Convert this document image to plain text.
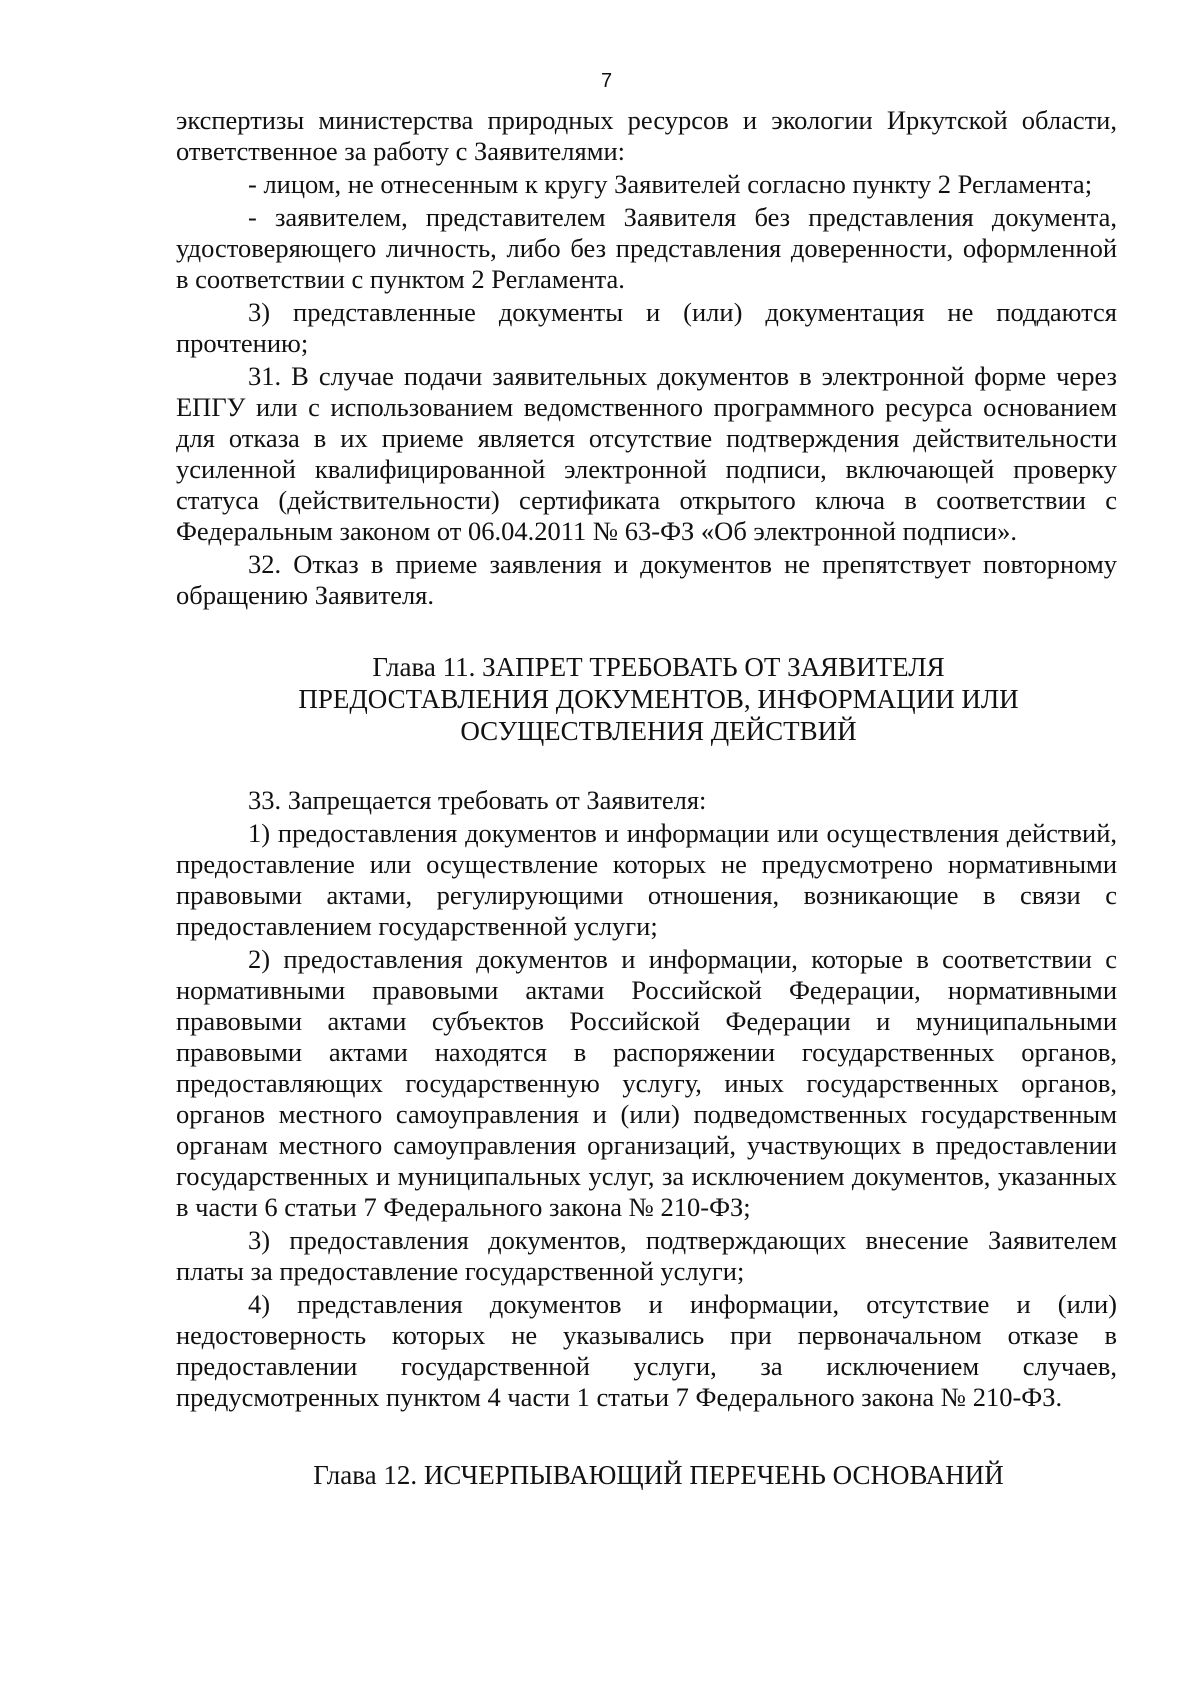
7

экспертизы министерства природных ресурсов и экологии Иркутской области, ответственное за работу с Заявителями:

- лицом, не отнесенным к кругу Заявителей согласно пункту 2 Регламента;

- заявителем, представителем Заявителя без представления документа, удостоверяющего личность, либо без представления доверенности, оформленной в соответствии с пунктом 2 Регламента.

3) представленные документы и (или) документация не поддаются прочтению;

31. В случае подачи заявительных документов в электронной форме через ЕПГУ или с использованием ведомственного программного ресурса основанием для отказа в их приеме является отсутствие подтверждения действительности усиленной квалифицированной электронной подписи, включающей проверку статуса (действительности) сертификата открытого ключа в соответствии с Федеральным законом от 06.04.2011 № 63-ФЗ «Об электронной подписи».

32. Отказ в приеме заявления и документов не препятствует повторному обращению Заявителя.

Глава 11. ЗАПРЕТ ТРЕБОВАТЬ ОТ ЗАЯВИТЕЛЯ
ПРЕДОСТАВЛЕНИЯ ДОКУМЕНТОВ, ИНФОРМАЦИИ ИЛИ
ОСУЩЕСТВЛЕНИЯ ДЕЙСТВИЙ

33. Запрещается требовать от Заявителя:

1) предоставления документов и информации или осуществления действий, предоставление или осуществление которых не предусмотрено нормативными правовыми актами, регулирующими отношения, возникающие в связи с предоставлением государственной услуги;

2) предоставления документов и информации, которые в соответствии с нормативными правовыми актами Российской Федерации, нормативными правовыми актами субъектов Российской Федерации и муниципальными правовыми актами находятся в распоряжении государственных органов, предоставляющих государственную услугу, иных государственных органов, органов местного самоуправления и (или) подведомственных государственным органам местного самоуправления организаций, участвующих в предоставлении государственных и муниципальных услуг, за исключением документов, указанных в части 6 статьи 7 Федерального закона № 210-ФЗ;

3) предоставления документов, подтверждающих внесение Заявителем платы за предоставление государственной услуги;

4) представления документов и информации, отсутствие и (или) недостоверность которых не указывались при первоначальном отказе в предоставлении государственной услуги, за исключением случаев, предусмотренных пунктом 4 части 1 статьи 7 Федерального закона № 210-ФЗ.

Глава 12. ИСЧЕРПЫВАЮЩИЙ ПЕРЕЧЕНЬ ОСНОВАНИЙ
